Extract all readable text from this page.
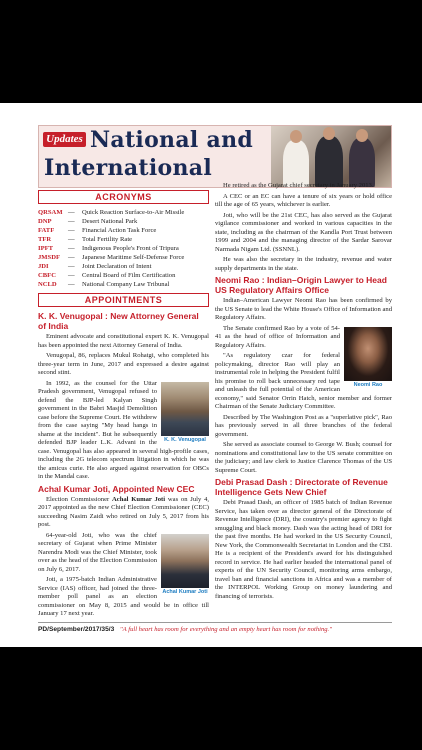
Updates National and
International
ACRONYMS
QRSAM	—	Quick Reaction Surface-to-Air Missile
DNP	—	Desert National Park
FATF	—	Financial Action Task Force
TFR	—	Total Fertility Rate
IPFT	—	Indigenous People's Front of Tripura
JMSDF	—	Japanese Maritime Self-Defense Force
JDI	—	Joint Declaration of Intent
CBFC	—	Central Board of Film Certification
NCLD	—	National Company Law Tribunal
APPOINTMENTS
K. K. Venugopal : New Attorney General of India

Eminent advocate and constitutional expert K. K. Venugopal has been appointed the next Attorney General of India.

Venugopal, 86, replaces Mukul Rohatgi, who completed his three-year term in June, 2017 and expressed a desire against second stint.

K. K. Venugopal

In 1992, as the counsel for the Uttar Pradesh government, Venugopal refused to defend the BJP-led Kalyan Singh government in the Babri Masjid Demolition case before the Supreme Court. He withdrew from the case saying "My head hangs in shame at the incident". But he subsequently defended BJP leader L.K. Advani in the case. Venugopal has also appeared in several high-profile cases, including the 2G telecom spectrum litigation in which he was the amicus curie. He also argued against reservation for OBCs in the Mandal case.

Achal Kumar Joti, Appointed New CEC

Election Commissioner Achal Kumar Joti was on July 4, 2017 appointed as the new Chief Election Commissioner (CEC) succeeding Nasim Zaidi who retired on July 5, 2017 from his post.

Achal Kumar Joti

64-year-old Joti, who was the chief secretary of Gujarat when Prime Minister Narendra Modi was the Chief Minister, took over as the head of the Election Commission on July 6, 2017.

Joti, a 1975-batch Indian Administrative Service (IAS) officer, had joined the three-member poll panel as an election commissioner on May 8, 2015 and would be in office till January 17 next year.

He retired as the Gujarat chief secretary in January 2013.

A CEC or an EC can have a tenure of six years or hold office till the age of 65 years, whichever is earlier.

Joti, who will be the 21st CEC, has also served as the Gujarat vigilance commissioner and worked in various capacities in the state, including as the chairman of the Kandla Port Trust between 1999 and 2004 and the managing director of the Sardar Sarovar Narmada Nigam Ltd. (SSNNL).

He was also the secretary in the industry, revenue and water supply departments in the state.

Neomi Rao : Indian–Origin Lawyer to Head US Regulatory Affairs Office

Indian–American Lawyer Neomi Rao has been confirmed by the US Senate to lead the White House's Office of Information and Regulatory Affairs.

Neomi Rao

The Senate confirmed Rao by a vote of 54-41 as the head of office of Information and Regulatory Affairs.

"As regulatory czar for federal policymaking, director Rao will play an instrumental role in helping the President fulfil his promise to roll back unnecessary red tape and unleash the full potential of the American economy," said Senator Orrin Hatch, senior member and former Chairman of the Senate Judiciary Committee.

Described by The Washington Post as a "superlative pick", Rao has previously served in all three branches of the federal government.

She served as associate counsel to George W. Bush; counsel for nominations and constitutional law to the US senate committee on the judiciary; and law clerk to Justice Clarence Thomas of the US Supreme Court.

Debi Prasad Dash : Directorate of Revenue Intelligence Gets New Chief

Debi Prasad Dash, an officer of 1985 batch of Indian Revenue Service, has taken over as director general of the Directorate of Revenue Intelligence (DRI), the country's premier agency to fight smuggling and black money. Dash was the acting head of DRI for the past five months. He had worked in the US Security Council, New York, the Commonwealth Secretariat in London and the CBI. He is a recipient of the President's award for his distinguished record in service. He had earlier headed the international panel of experts of the UN Security Council, monitoring arms embargo, travel ban and financial sanctions in Africa and was a member of the INTERPOL Working Group on money laundering and financing of terrorists.

PD/September/2017/35/3 "A full heart has room for everything and an empty heart has room for nothing."
